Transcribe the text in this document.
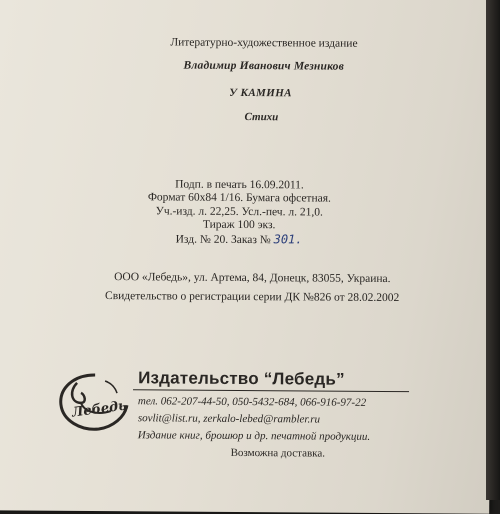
Литературно-художественное издание
Владимир Иванович Мезников
У КАМИНА
Стихи
Подп. в печать 16.09.2011.
Формат 60x84 1/16. Бумага офсетная.
Уч.-изд. л. 22,25. Усл.-печ. л. 21,0.
Тираж 100 экз.
Изд. № 20. Заказ № 301.
ООО «Лебедь», ул. Артема, 84, Донецк, 83055, Украина.
Свидетельство о регистрации серии ДК №826 от 28.02.2002
Лебедь
Издательство “Лебедь”
тел. 062-207-44-50, 050-5432-684, 066-916-97-22
sovlit@list.ru, zerkalo-lebed@rambler.ru
Издание книг, брошюр и др. печатной продукции.
Возможна доставка.
